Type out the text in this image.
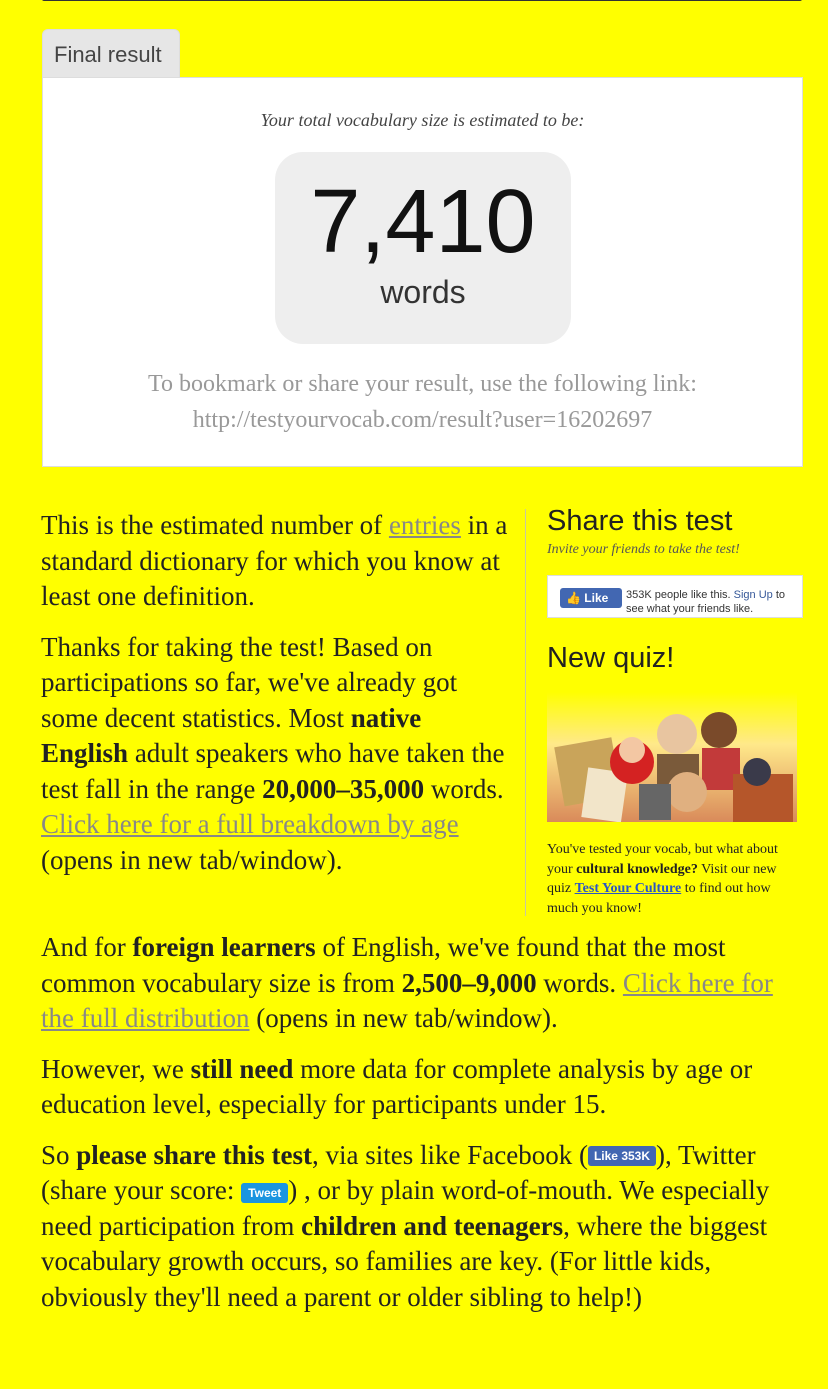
Final result
Your total vocabulary size is estimated to be:
7,410
words
To bookmark or share your result, use the following link:
http://testyourvocab.com/result?user=16202697

This is the estimated number of entries in a standard dictionary for which you know at least one definition.

Thanks for taking the test! Based on participations so far, we've already got some decent statistics. Most native English adult speakers who have taken the test fall in the range 20,000–35,000 words. Click here for a full breakdown by age (opens in new tab/window).

And for foreign learners of English, we've found that the most common vocabulary size is from 2,500–9,000 words. Click here for the full distribution (opens in new tab/window).

However, we still need more data for complete analysis by age or education level, especially for participants under 15.

So please share this test, via sites like Facebook ( Like 353K ), Twitter (share your score: Tweet ) , or by plain word-of-mouth. We especially need participation from children and teenagers, where the biggest vocabulary growth occurs, so families are key. (For little kids, obviously they'll need a parent or older sibling to help!)

Share this test
Invite your friends to take the test!
👍 Like	353K people like this. Sign Up to see what your friends like.
New quiz!
You've tested your vocab, but what about your cultural knowledge? Visit our new quiz Test Your Culture to find out how much you know!
